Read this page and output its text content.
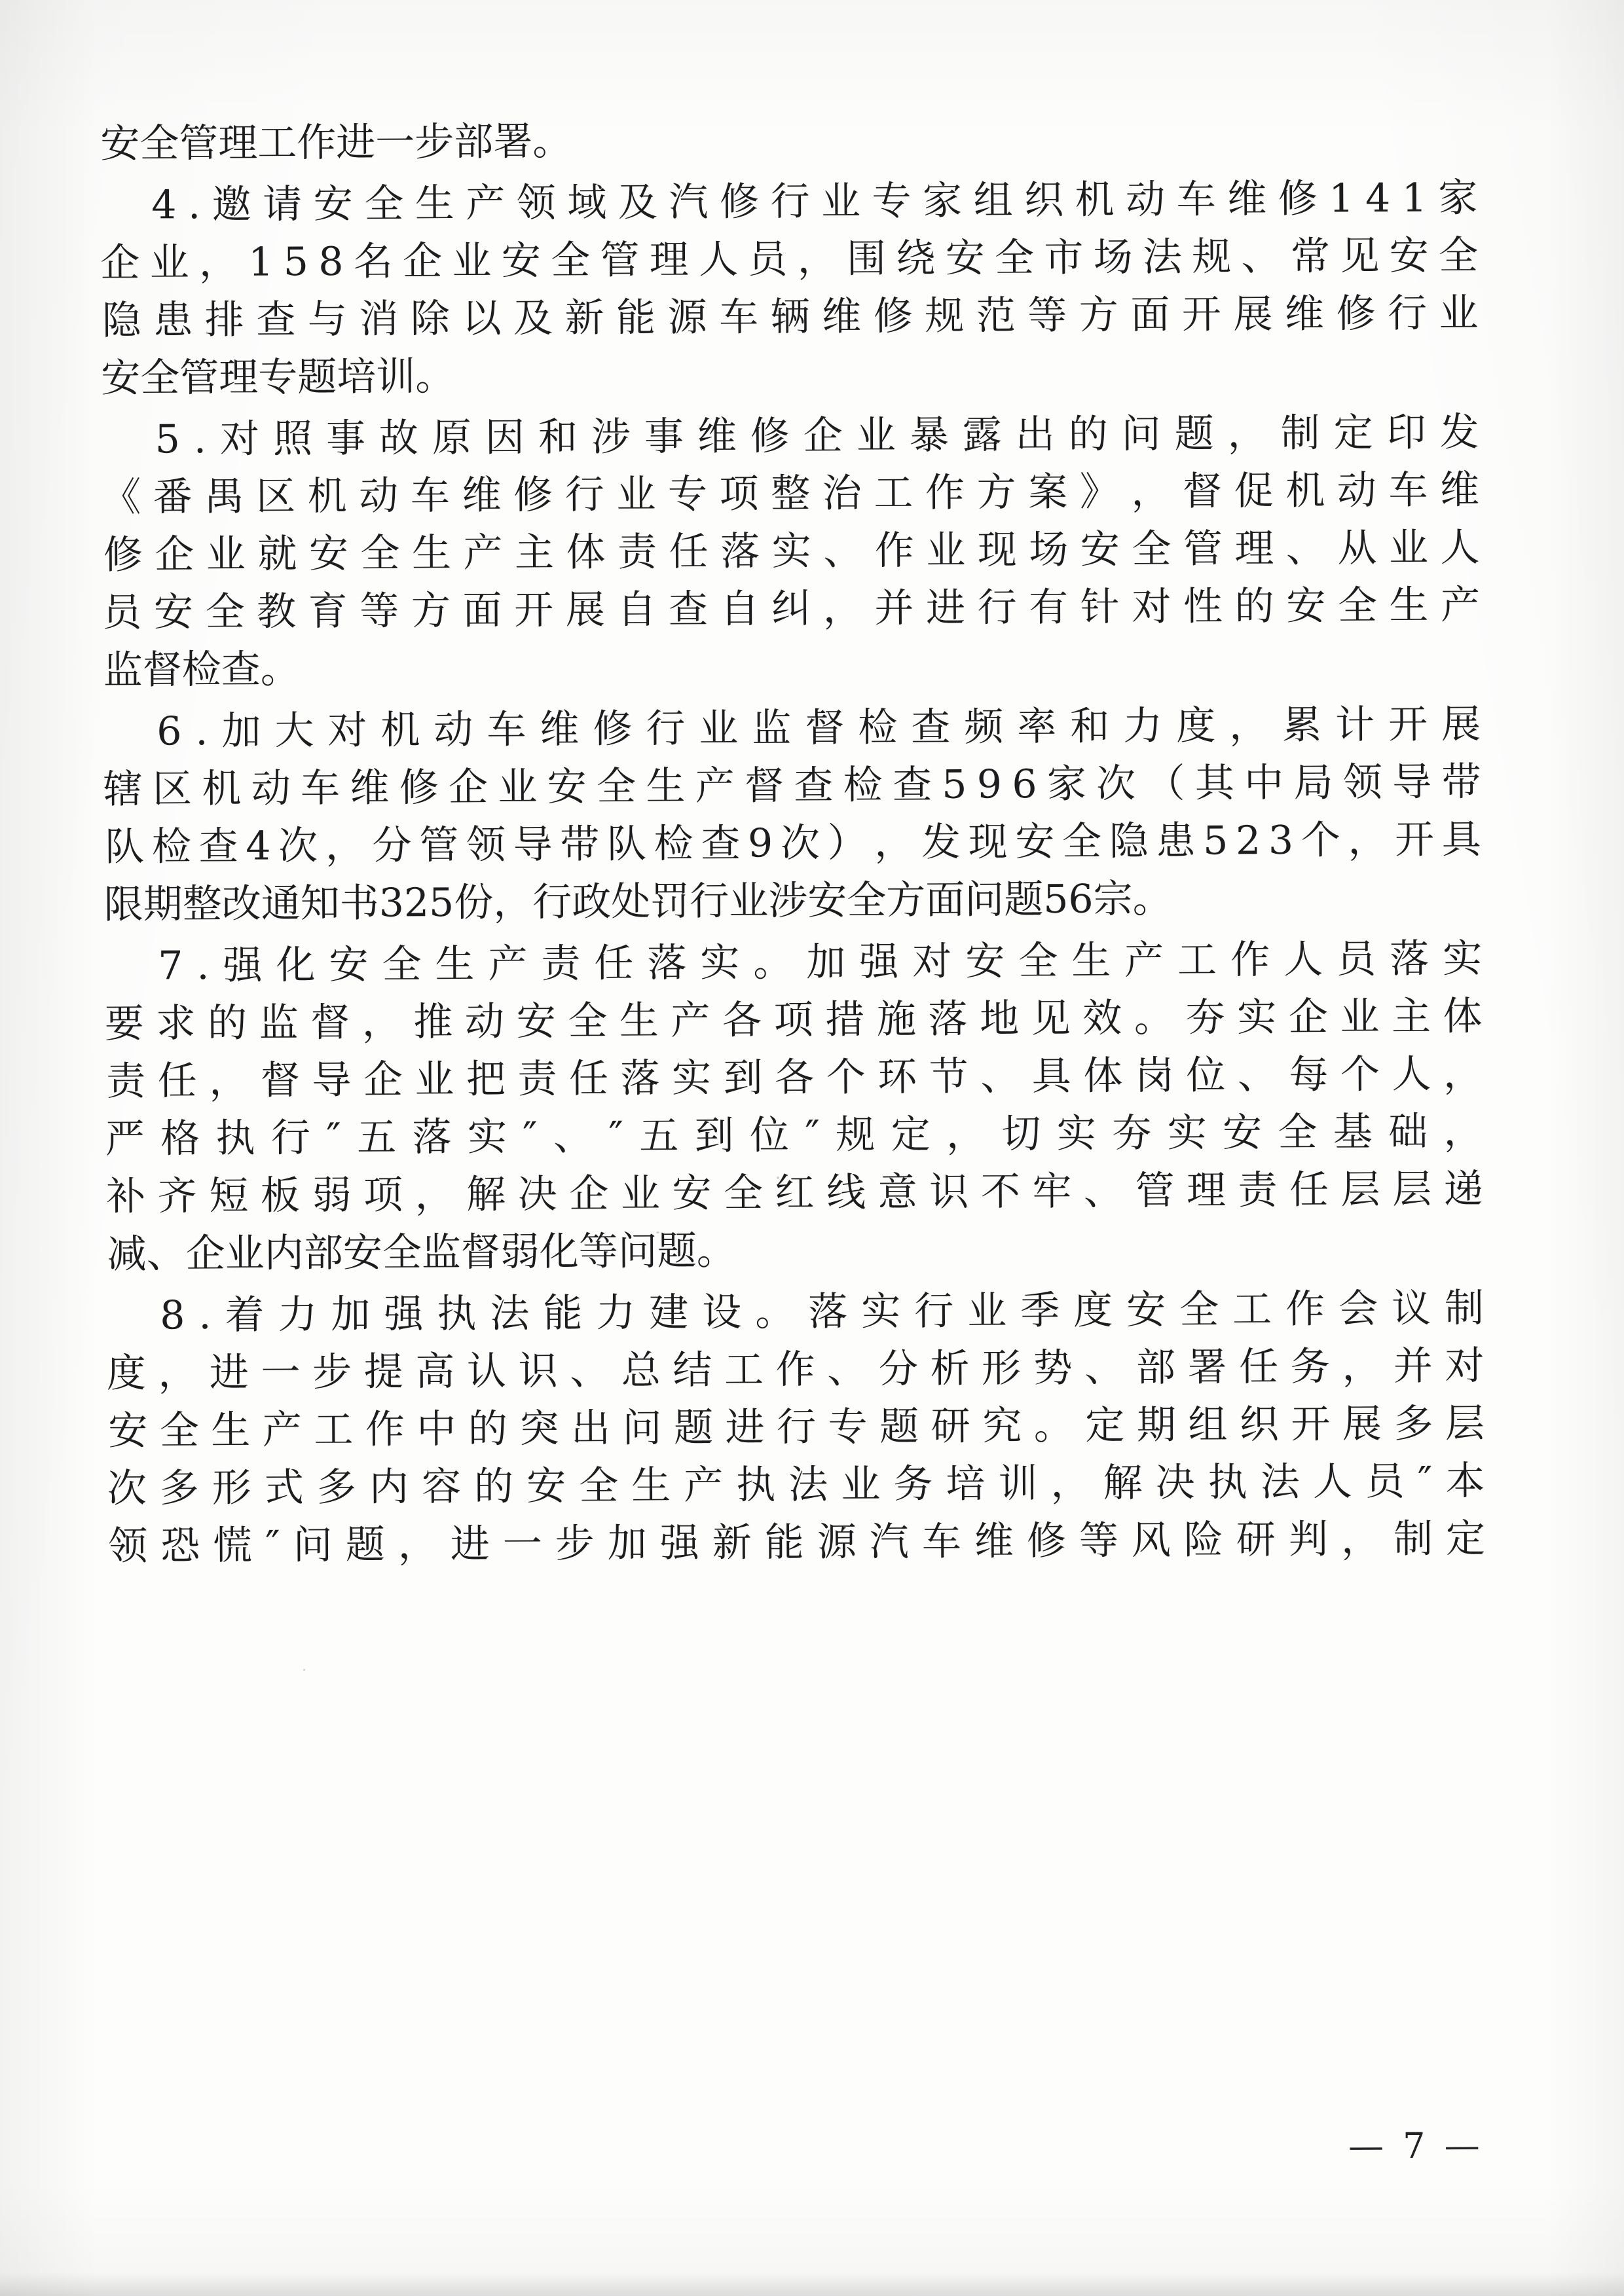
安全管理工作进一步部署。

4 . 邀 请 安 全 生 产 领 域 及 汽 修 行 业 专 家 组 织 机 动 车 维 修 1 4 1 家
企 业 ， 1 5 8 名 企 业 安 全 管 理 人 员 ， 围 绕 安 全 市 场 法 规 、 常 见 安 全
隐 患 排 查 与 消 除 以 及 新 能 源 车 辆 维 修 规 范 等 方 面 开 展 维 修 行 业
安全管理专题培训。

5 . 对 照 事 故 原 因 和 涉 事 维 修 企 业 暴 露 出 的 问 题 ， 制 定 印 发
《 番 禺 区 机 动 车 维 修 行 业 专 项 整 治 工 作 方 案 》 ， 督 促 机 动 车 维
修 企 业 就 安 全 生 产 主 体 责 任 落 实 、 作 业 现 场 安 全 管 理 、 从 业 人
员 安 全 教 育 等 方 面 开 展 自 查 自 纠 ， 并 进 行 有 针 对 性 的 安 全 生 产
监督检查。

6 . 加 大 对 机 动 车 维 修 行 业 监 督 检 查 频 率 和 力 度 ， 累 计 开 展
辖 区 机 动 车 维 修 企 业 安 全 生 产 督 查 检 查 5 9 6 家 次 （ 其 中 局 领 导 带
队 检 查 4 次 ， 分 管 领 导 带 队 检 查 9 次 ） ， 发 现 安 全 隐 患 5 2 3 个 ， 开 具
限期整改通知书325份，行政处罚行业涉安全方面问题56宗。

7 . 强 化 安 全 生 产 责 任 落 实 。 加 强 对 安 全 生 产 工 作 人 员 落 实
要 求 的 监 督 ， 推 动 安 全 生 产 各 项 措 施 落 地 见 效 。 夯 实 企 业 主 体
责 任 ， 督 导 企 业 把 责 任 落 实 到 各 个 环 节 、 具 体 岗 位 、 每 个 人 ，
严 格 执 行 ″ 五 落 实 ″ 、 ″ 五 到 位 ″ 规 定 ， 切 实 夯 实 安 全 基 础 ，
补 齐 短 板 弱 项 ， 解 决 企 业 安 全 红 线 意 识 不 牢 、 管 理 责 任 层 层 递
减、企业内部安全监督弱化等问题。

8 . 着 力 加 强 执 法 能 力 建 设 。 落 实 行 业 季 度 安 全 工 作 会 议 制
度 ， 进 一 步 提 高 认 识 、 总 结 工 作 、 分 析 形 势 、 部 署 任 务 ， 并 对
安 全 生 产 工 作 中 的 突 出 问 题 进 行 专 题 研 究 。 定 期 组 织 开 展 多 层
次 多 形 式 多 内 容 的 安 全 生 产 执 法 业 务 培 训 ， 解 决 执 法 人 员 ″ 本
领 恐 慌 ″ 问 题 ， 进 一 步 加 强 新 能 源 汽 车 维 修 等 风 险 研 判 ， 制 定
— 7 —
